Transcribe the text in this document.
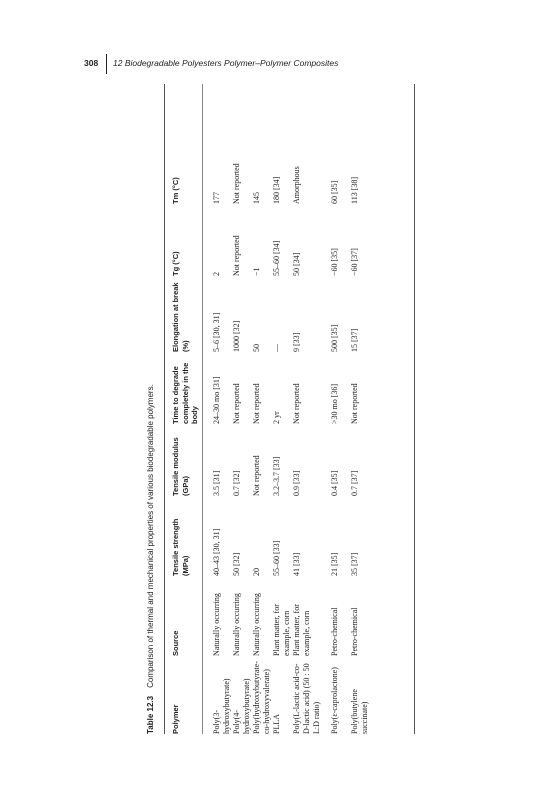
308 12 Biodegradable Polyesters Polymer–Polymer Composites
Table 12.3Comparison of thermal and mechanical properties of various biodegradable polymers.
Poly(3-hydroxybutyrate)
Naturally occurring
40–43 [30, 31]
3.5 [31]
24–30 mo [31]
5–6 [30, 31]
2
177
Poly(4-hydroxybutyrate)
Naturally occurring
50 [32]
0.7 [32]
Not reported
1000 [32]
Not reported
Not reported
Poly(hydroxybutyrate-co-hydroxyvalerate)
Naturally occurring
20
Not reported
Not reported
50
−1
145
PLLA
Plant matter, for example, corn
55–60 [33]
3.2–3.7 [33]
2 yr
—
55–60 [34]
180 [34]
Poly(L-lactic acid-co-D-lactic acid) (50 : 50 L:D ratio)
Plant matter, for example, corn
41 [33]
0.9 [33]
Not reported
9 [33]
50 [34]
Amorphous
Poly(ε-caprolactone)
Petro-chemical
21 [35]
0.4 [35]
>30 mo [36]
500 [35]
−60 [35]
60 [35]
Poly(butylene succinate)
Petro-chemical
35 [37]
0.7 [37]
Not reported
15 [37]
−60 [37]
113 [38]
Polymer
Source
Tensile strength (MPa)
Tensile modulus (GPa)
Time to degrade completely in the body
Elongation at break (%)
Tg (°C)
Tm (°C)
